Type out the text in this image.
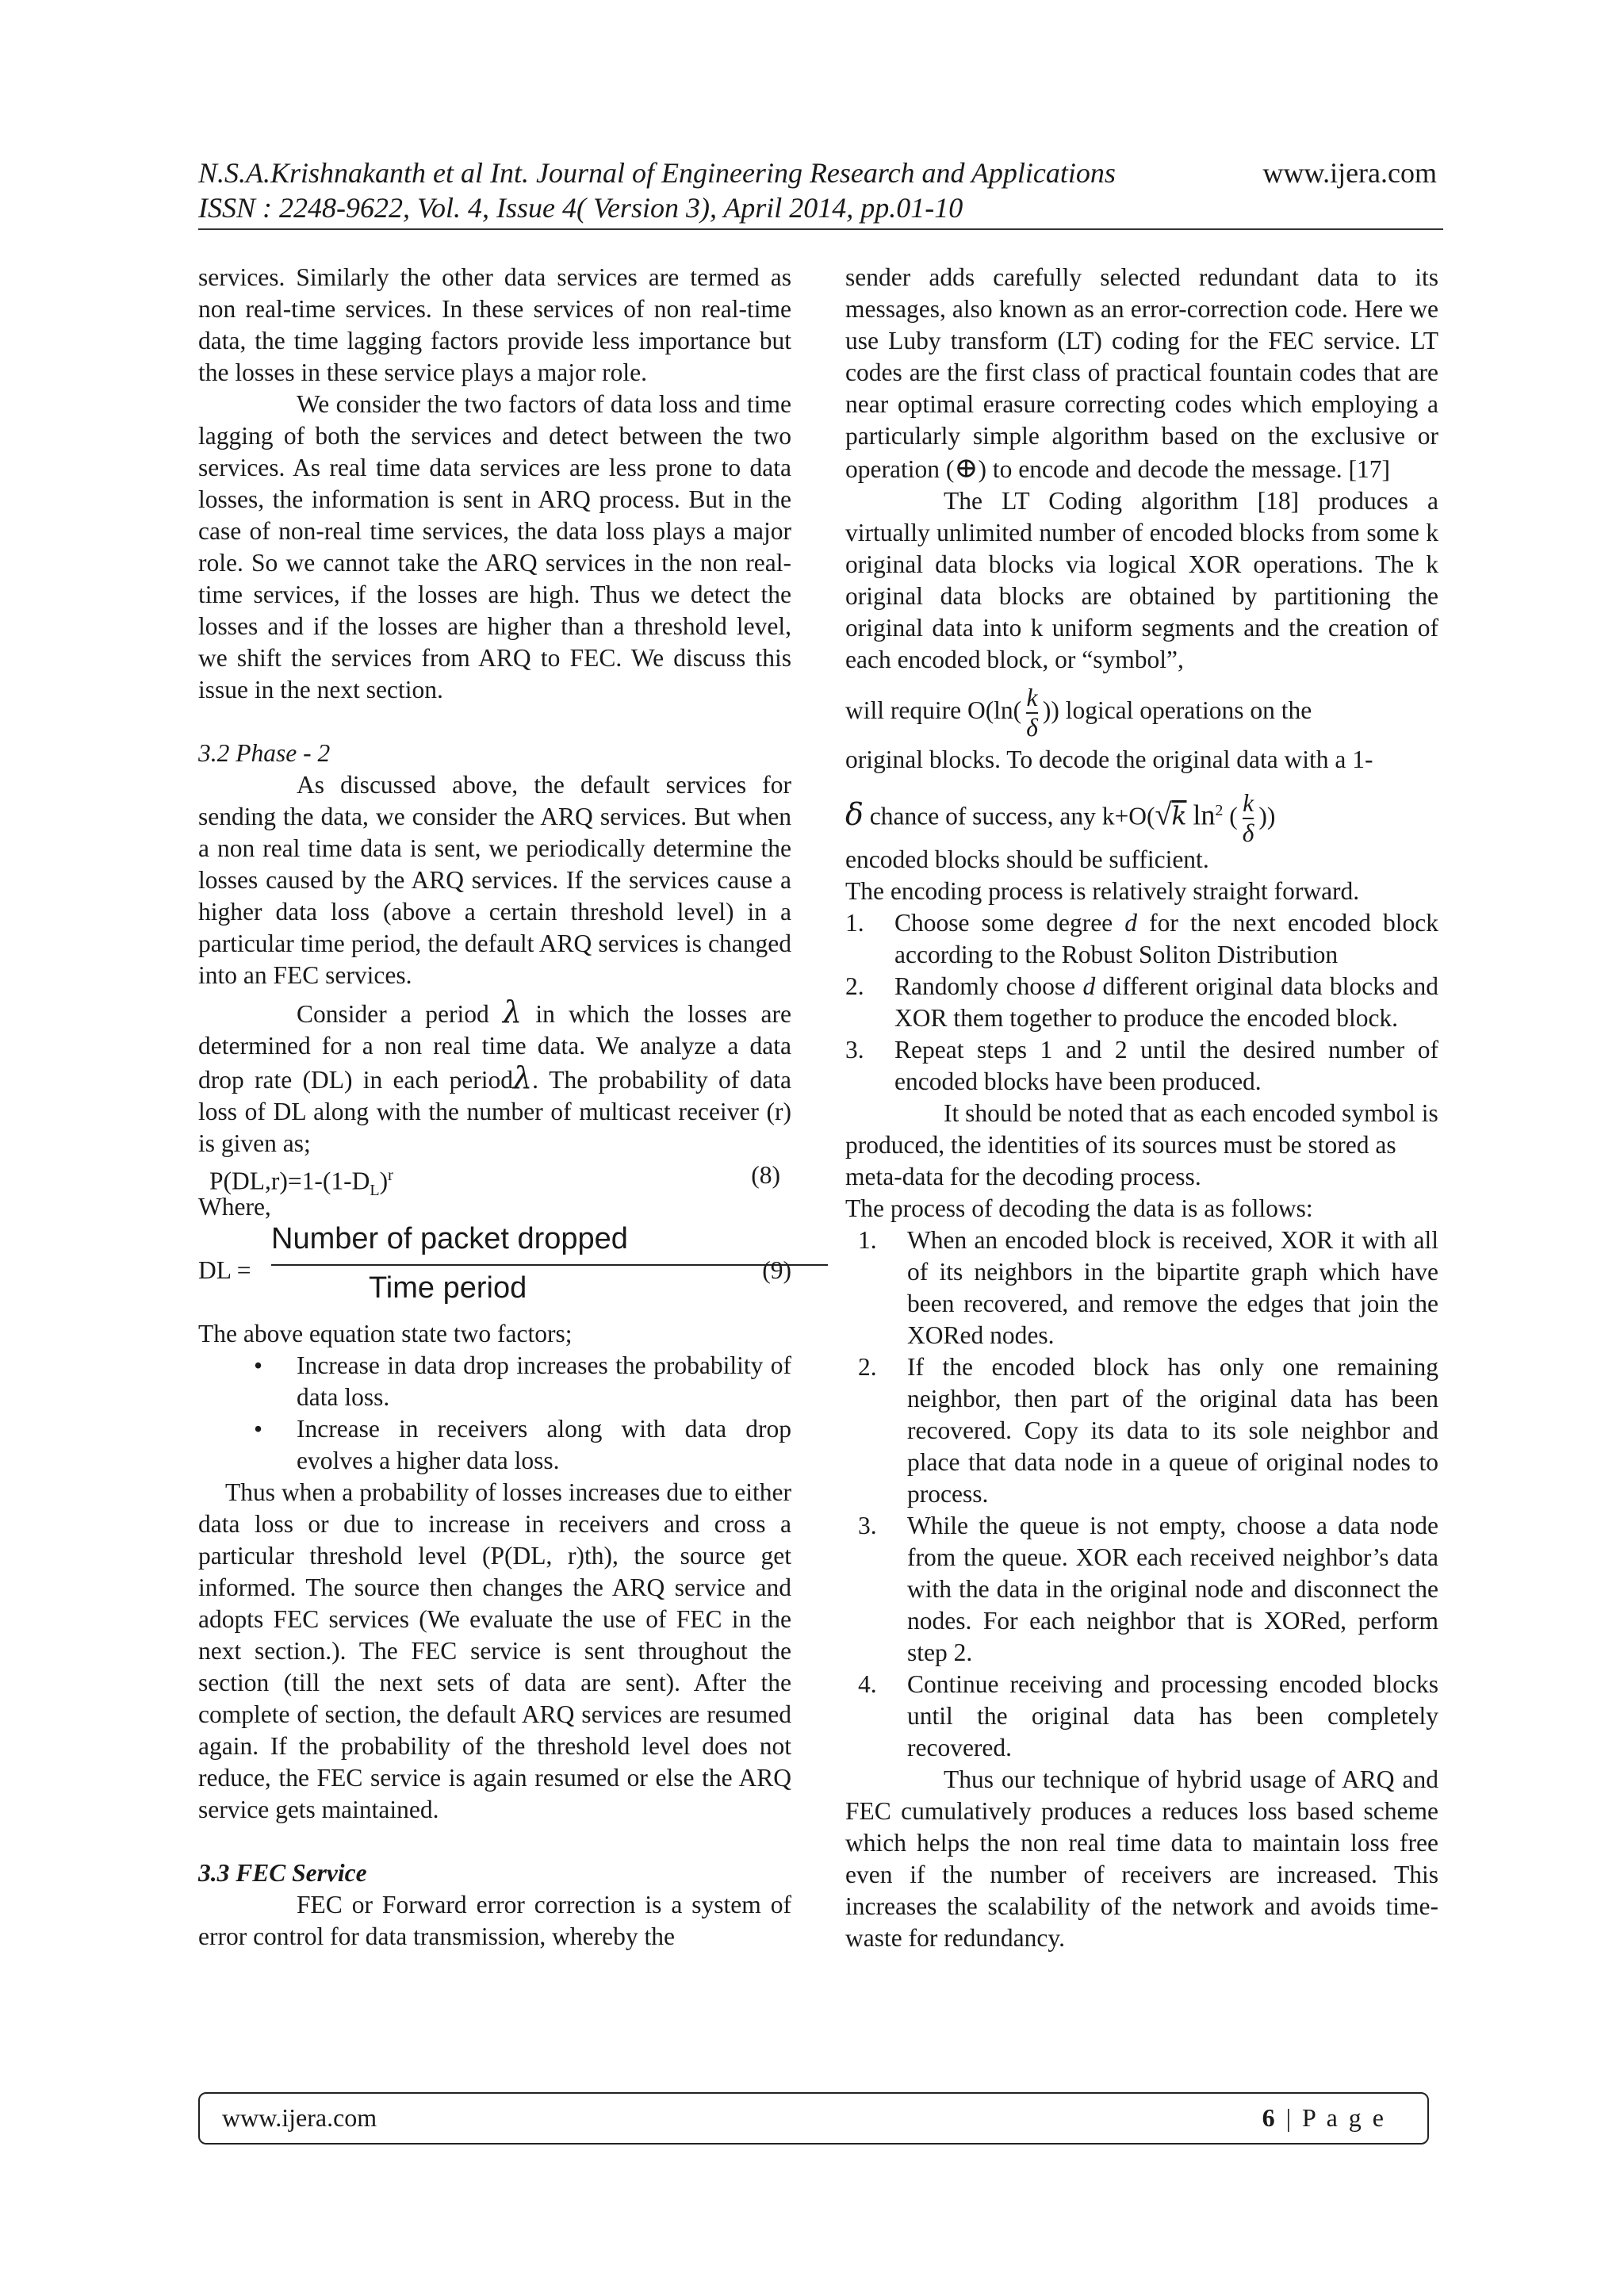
N.S.A.Krishnakanth et al Int. Journal of Engineering Research and Applications
ISSN : 2248-9622, Vol. 4, Issue 4( Version 3), April 2014, pp.01-10
www.ijera.com

services. Similarly the other data services are termed as non real-time services. In these services of non real-time data, the time lagging factors provide less importance but the losses in these service plays a major role.

We consider the two factors of data loss and time lagging of both the services and detect between the two services. As real time data services are less prone to data losses, the information is sent in ARQ process. But in the case of non-real time services, the data loss plays a major role. So we cannot take the ARQ services in the non real-time services, if the losses are high. Thus we detect the losses and if the losses are higher than a threshold level, we shift the services from ARQ to FEC. We discuss this issue in the next section.

3.2 Phase - 2

As discussed above, the default services for sending the data, we consider the ARQ services. But when a non real time data is sent, we periodically determine the losses caused by the ARQ services. If the services cause a higher data loss (above a certain threshold level) in a particular time period, the default ARQ services is changed into an FEC services.

Consider a period λ in which the losses are determined for a non real time data. We analyze a data drop rate (DL) in each periodλ. The probability of data loss of DL along with the number of multicast receiver (r) is given as;

$P(DL,r)=1-(1-D_L)^r$	(8)

Where,

DL =
Number of packet dropped
Time period
(9)

The above equation state two factors;

• Increase in data drop increases the probability of data loss.
• Increase in receivers along with data drop evolves a higher data loss.

Thus when a probability of losses increases due to either data loss or due to increase in receivers and cross a particular threshold level (P(DL, r)th), the source get informed. The source then changes the ARQ service and adopts FEC services (We evaluate the use of FEC in the next section.). The FEC service is sent throughout the section (till the next sets of data are sent). After the complete of section, the default ARQ services are resumed again. If the probability of the threshold level does not reduce, the FEC service is again resumed or else the ARQ service gets maintained.

3.3 FEC Service

FEC or Forward error correction is a system of error control for data transmission, whereby the

sender adds carefully selected redundant data to its messages, also known as an error-correction code. Here we use Luby transform (LT) coding for the FEC service. LT codes are the first class of practical fountain codes that are near optimal erasure correcting codes which employing a particularly simple algorithm based on the exclusive or operation (⊕) to encode and decode the message. [17]

The LT Coding algorithm [18] produces a virtually unlimited number of encoded blocks from some k original data blocks via logical XOR operations. The k original data blocks are obtained by partitioning the original data into k uniform segments and the creation of each encoded block, or “symbol”,

will require $O(\ln( \frac{k}{\delta}$ )) logical operations on the

original blocks. To decode the original data with a 1-

δ chance of success, any k+O(√k $\ln^2$ ( $\frac{k}{\delta}$ ))

encoded blocks should be sufficient.

The encoding process is relatively straight forward.

1. Choose some degree d for the next encoded block according to the Robust Soliton Distribution
2. Randomly choose d different original data blocks and XOR them together to produce the encoded block.
3. Repeat steps 1 and 2 until the desired number of encoded blocks have been produced.

It should be noted that as each encoded symbol is produced, the identities of its sources must be stored as meta-data for the decoding process.

The process of decoding the data is as follows:

1. When an encoded block is received, XOR it with all of its neighbors in the bipartite graph which have been recovered, and remove the edges that join the XORed nodes.
2. If the encoded block has only one remaining neighbor, then part of the original data has been recovered. Copy its data to its sole neighbor and place that data node in a queue of original nodes to process.
3. While the queue is not empty, choose a data node from the queue. XOR each received neighbor’s data with the data in the original node and disconnect the nodes. For each neighbor that is XORed, perform step 2.
4. Continue receiving and processing encoded blocks until the original data has been completely recovered.

Thus our technique of hybrid usage of ARQ and FEC cumulatively produces a reduces loss based scheme which helps the non real time data to maintain loss free even if the number of receivers are increased. This increases the scalability of the network and avoids time-waste for redundancy.

www.ijera.com	6 | P a g e
